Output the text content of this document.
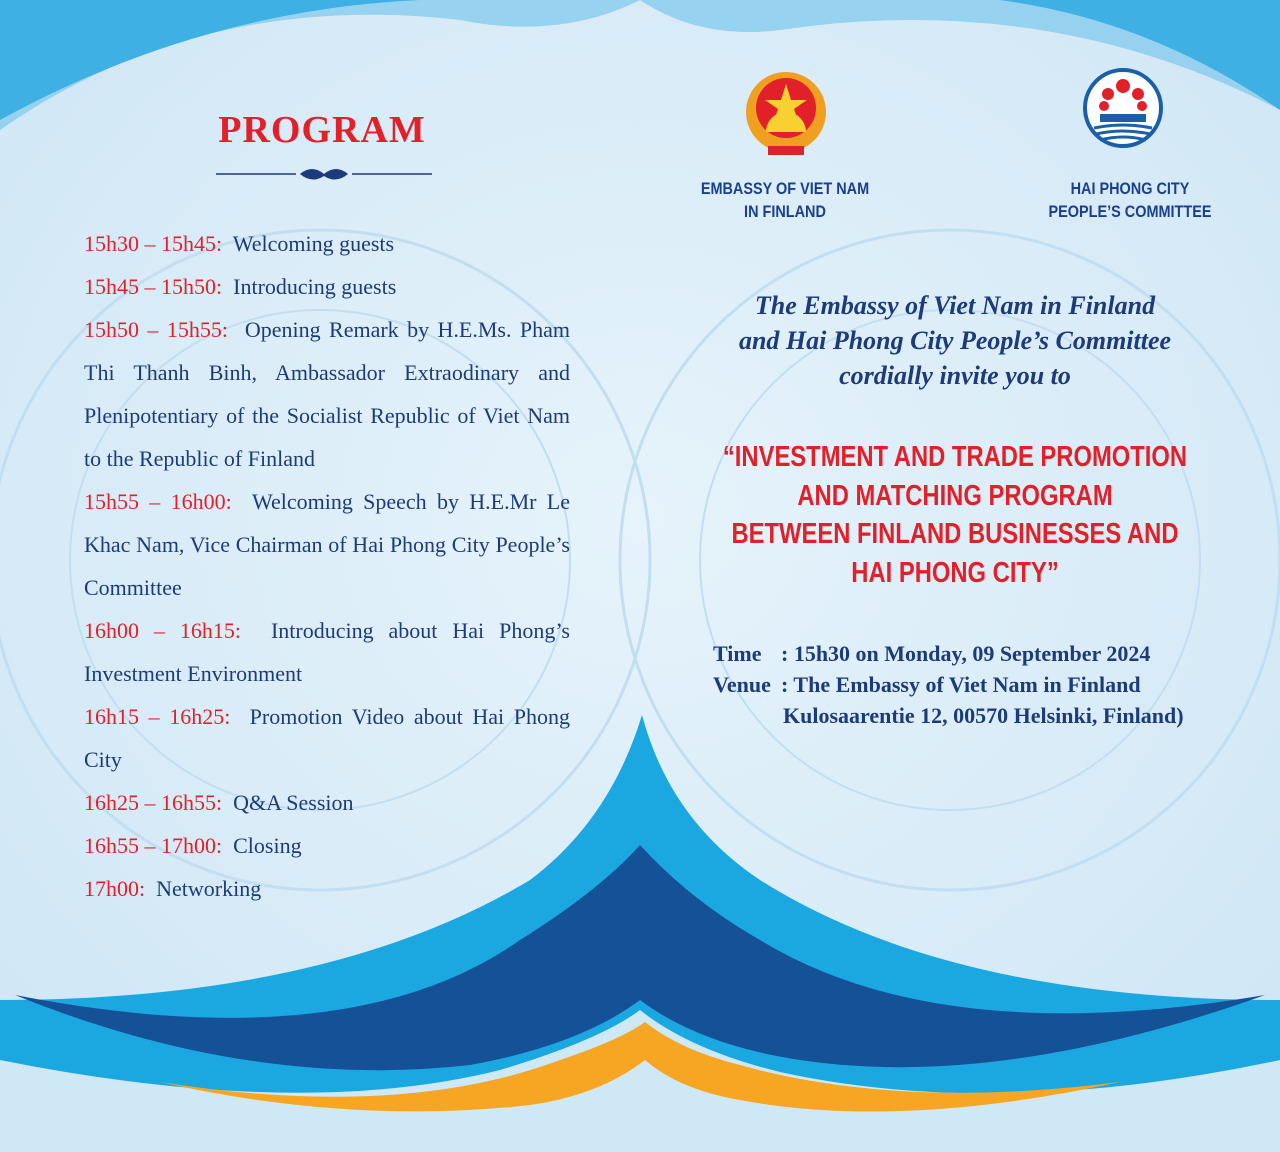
PROGRAM

15h30 – 15h45: Welcoming guests

15h45 – 15h50: Introducing guests

15h50 – 15h55: Opening Remark by H.E.Ms. Pham Thi Thanh Binh, Ambassador Extraodinary and Plenipotentiary of the Socialist Republic of Viet Nam to the Republic of Finland

15h55 – 16h00: Welcoming Speech by H.E.Mr Le Khac Nam, Vice Chairman of Hai Phong City People’s Committee

16h00 – 16h15: Introducing about Hai Phong’s Investment Environment

16h15 – 16h25: Promotion Video about Hai Phong City

16h25 – 16h55: Q&A Session

16h55 – 17h00: Closing

17h00: Networking

EMBASSY OF VIET NAM
IN FINLAND
HAI PHONG CITY
PEOPLE’S COMMITTEE
The Embassy of Viet Nam in Finland
and Hai Phong City People’s Committee
cordially invite you to
“INVESTMENT AND TRADE PROMOTION
AND MATCHING PROGRAM
BETWEEN FINLAND BUSINESSES AND
HAI PHONG CITY”
Time : 15h30 on Monday, 09 September 2024
Venue : The Embassy of Viet Nam in Finland
Kulosaarentie 12, 00570 Helsinki, Finland)
